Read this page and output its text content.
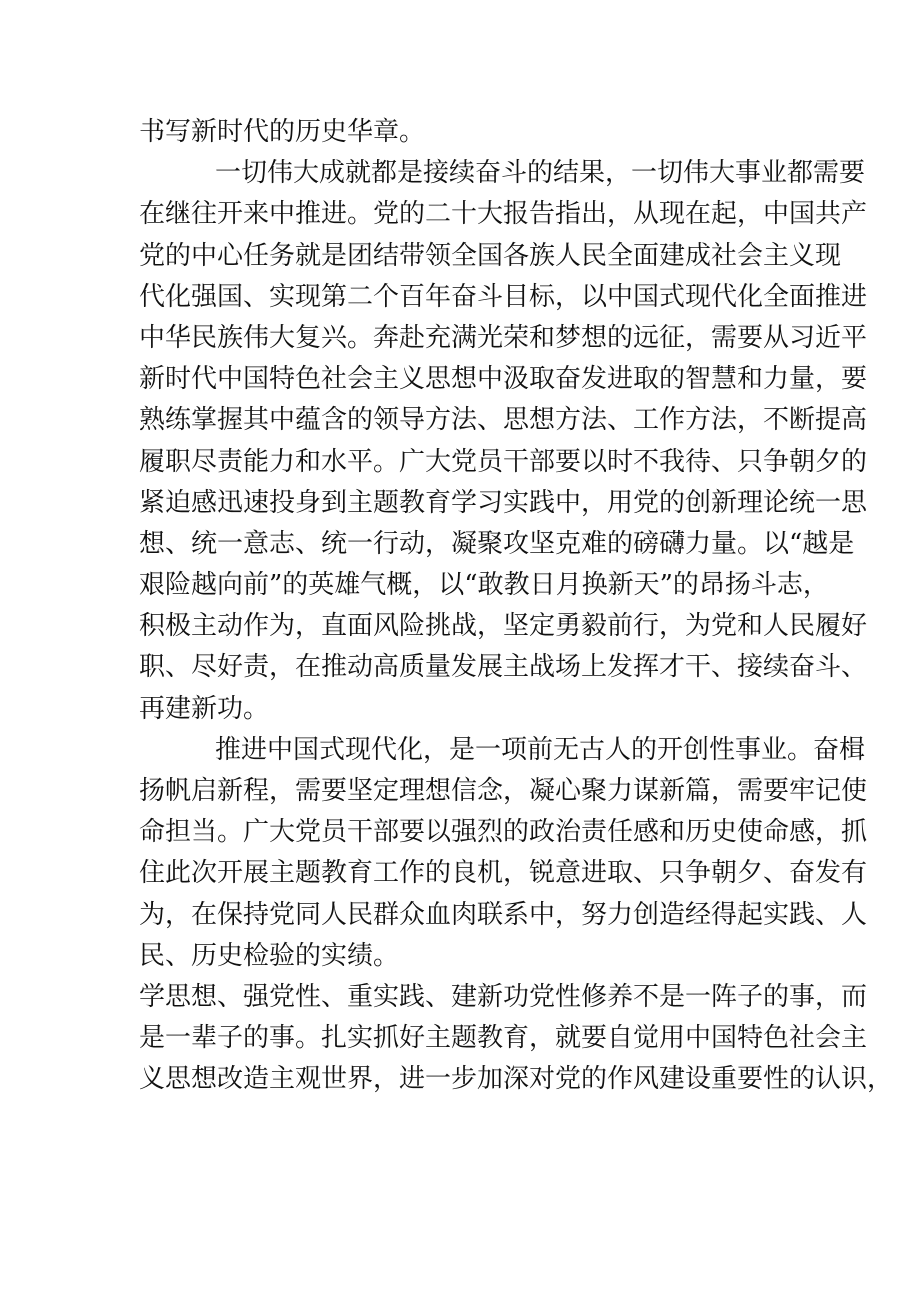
书写新时代的历史华章。
一切伟大成就都是接续奋斗的结果，一切伟大事业都需要
在继往开来中推进。党的二十大报告指出，从现在起，中国共产
党的中心任务就是团结带领全国各族人民全面建成社会主义现
代化强国、实现第二个百年奋斗目标，以中国式现代化全面推进
中华民族伟大复兴。奔赴充满光荣和梦想的远征，需要从习近平
新时代中国特色社会主义思想中汲取奋发进取的智慧和力量，要
熟练掌握其中蕴含的领导方法、思想方法、工作方法，不断提高
履职尽责能力和水平。广大党员干部要以时不我待、只争朝夕的
紧迫感迅速投身到主题教育学习实践中，用党的创新理论统一思
想、统一意志、统一行动，凝聚攻坚克难的磅礴力量。以“越是
艰险越向前”的英雄气概，以“敢教日月换新天”的昂扬斗志，
积极主动作为，直面风险挑战，坚定勇毅前行，为党和人民履好
职、尽好责，在推动高质量发展主战场上发挥才干、接续奋斗、
再建新功。
推进中国式现代化，是一项前无古人的开创性事业。奋楫
扬帆启新程，需要坚定理想信念，凝心聚力谋新篇，需要牢记使
命担当。广大党员干部要以强烈的政治责任感和历史使命感，抓
住此次开展主题教育工作的良机，锐意进取、只争朝夕、奋发有
为，在保持党同人民群众血肉联系中，努力创造经得起实践、人
民、历史检验的实绩。
学思想、强党性、重实践、建新功党性修养不是一阵子的事，而
是一辈子的事。扎实抓好主题教育，就要自觉用中国特色社会主
义思想改造主观世界，进一步加深对党的作风建设重要性的认识，
